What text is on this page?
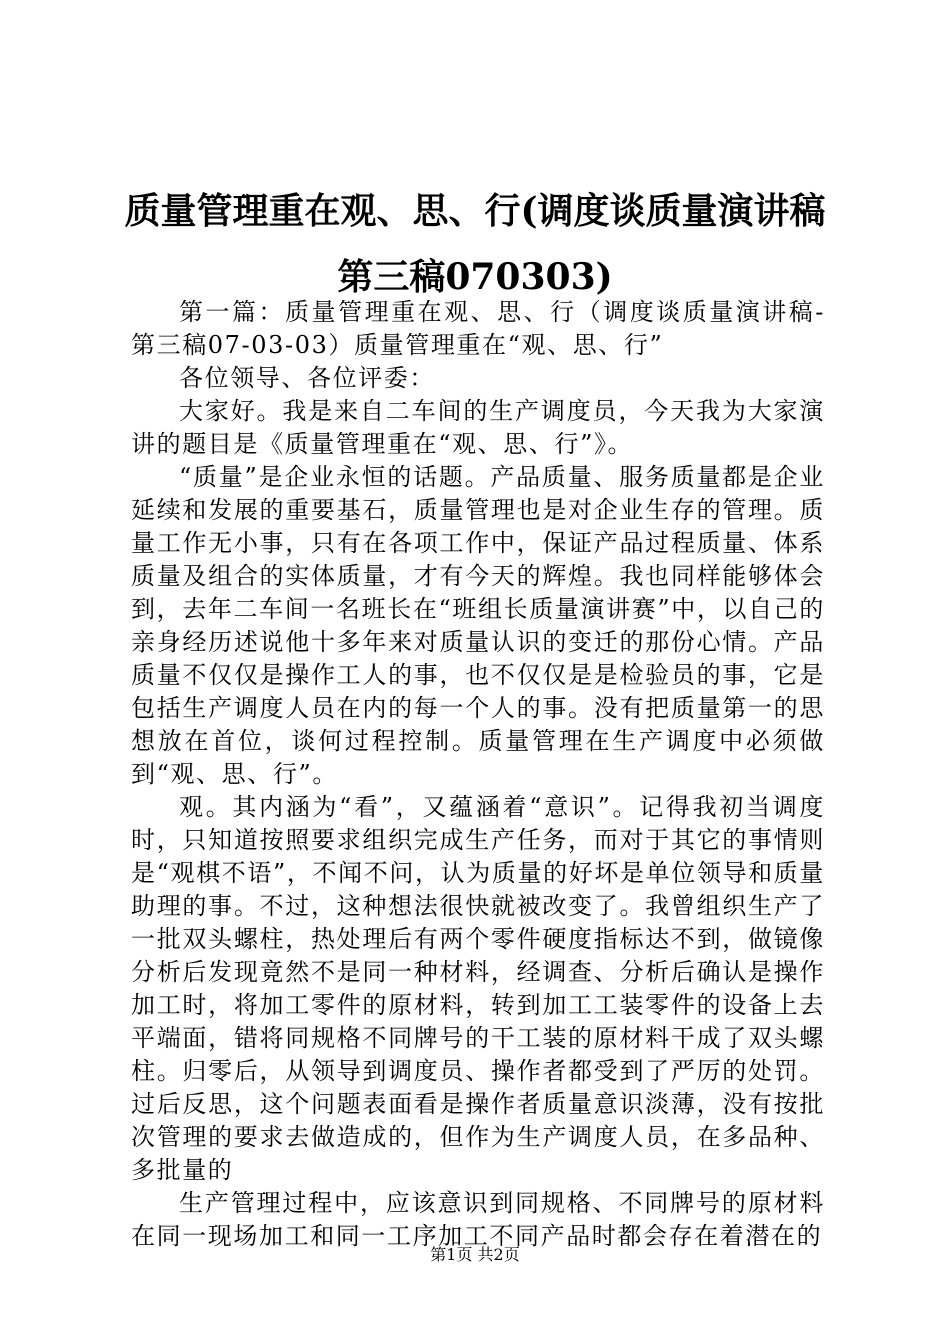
质量管理重在观、思、行(调度谈质量演讲稿
第三稿070303)

第一篇：质量管理重在观、思、行（调度谈质量演讲稿-第三稿07-03-03）质量管理重在“观、思、行”

各位领导、各位评委：

大家好。我是来自二车间的生产调度员，今天我为大家演讲的题目是《质量管理重在“观、思、行”》。

“质量”是企业永恒的话题。产品质量、服务质量都是企业延续和发展的重要基石，质量管理也是对企业生存的管理。质量工作无小事，只有在各项工作中，保证产品过程质量、体系质量及组合的实体质量，才有今天的辉煌。我也同样能够体会到，去年二车间一名班长在“班组长质量演讲赛”中，以自己的亲身经历述说他十多年来对质量认识的变迁的那份心情。产品质量不仅仅是操作工人的事，也不仅仅是是检验员的事，它是包括生产调度人员在内的每一个人的事。没有把质量第一的思想放在首位，谈何过程控制。质量管理在生产调度中必须做到“观、思、行”。

观。其内涵为“看”，又蕴涵着“意识”。记得我初当调度时，只知道按照要求组织完成生产任务，而对于其它的事情则是“观棋不语”，不闻不问，认为质量的好坏是单位领导和质量助理的事。不过，这种想法很快就被改变了。我曾组织生产了一批双头螺柱，热处理后有两个零件硬度指标达不到，做镜像分析后发现竟然不是同一种材料，经调查、分析后确认是操作加工时，将加工零件的原材料，转到加工工装零件的设备上去平端面，错将同规格不同牌号的干工装的原材料干成了双头螺柱。归零后，从领导到调度员、操作者都受到了严厉的处罚。过后反思，这个问题表面看是操作者质量意识淡薄，没有按批次管理的要求去做造成的，但作为生产调度人员，在多品种、多批量的

生产管理过程中，应该意识到同规格、不同牌号的原材料在同一现场加工和同一工序加工不同产品时都会存在着潜在的

第1页 共2页
